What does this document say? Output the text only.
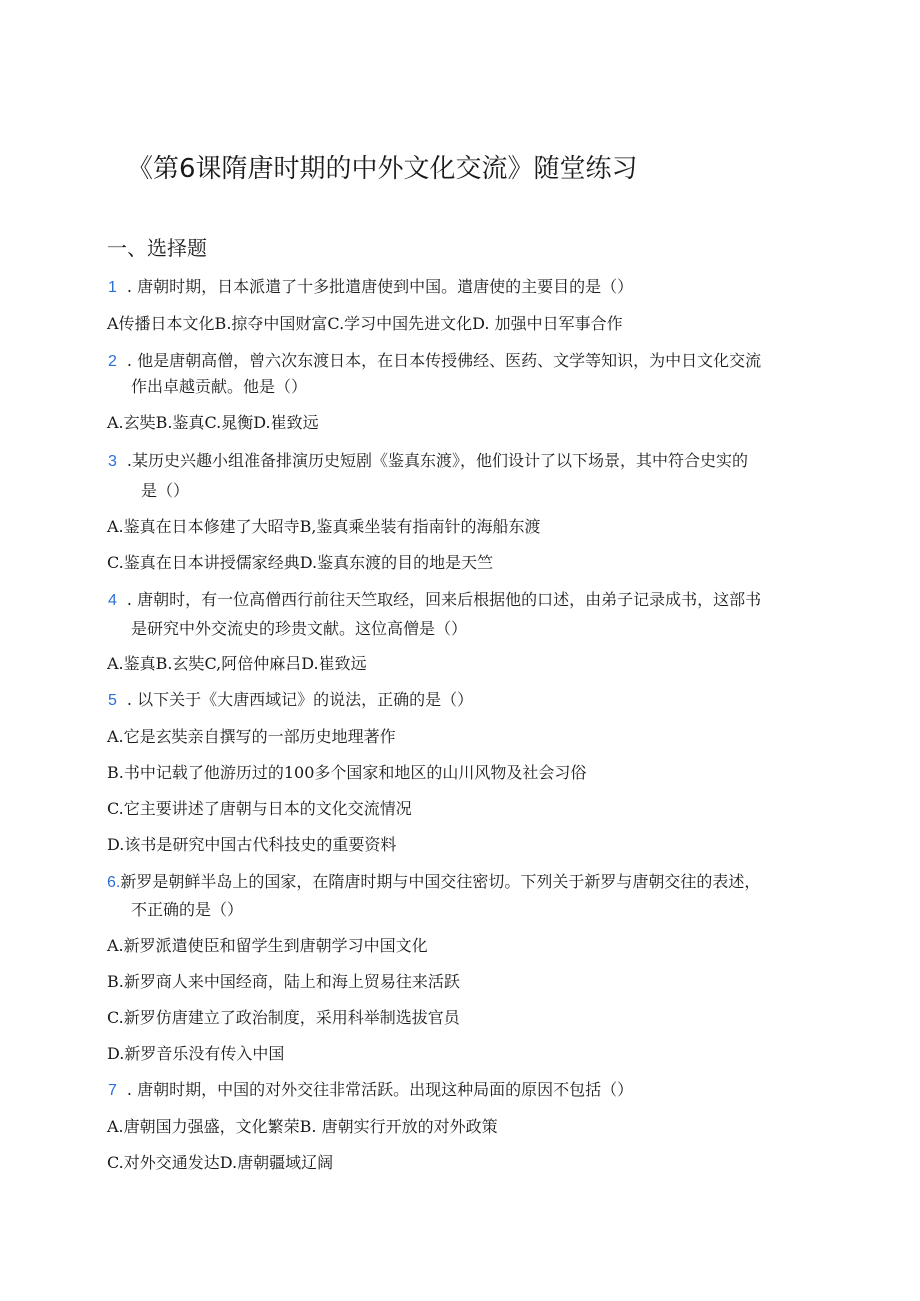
《第6课隋唐时期的中外文化交流》随堂练习
一、选择题
1 . 唐朝时期，日本派遣了十多批遣唐使到中国。遣唐使的主要目的是（）
A传播日本文化B.掠夺中国财富C.学习中国先进文化D. 加强中日军事合作
2 . 他是唐朝高僧，曾六次东渡日本，在日本传授佛经、医药、文学等知识，为中日文化交流
作出卓越贡献。他是（）
A.玄奘B.鉴真C.晁衡D.崔致远
3 .某历史兴趣小组准备排演历史短剧《鉴真东渡》，他们设计了以下场景，其中符合史实的
是（）
A.鉴真在日本修建了大昭寺B,鉴真乘坐装有指南针的海船东渡
C.鉴真在日本讲授儒家经典D.鉴真东渡的目的地是天竺
4 . 唐朝时，有一位高僧西行前往天竺取经，回来后根据他的口述，由弟子记录成书，这部书
是研究中外交流史的珍贵文献。这位高僧是（）
A.鉴真B.玄奘C,阿倍仲麻吕D.崔致远
5 . 以下关于《大唐西域记》的说法，正确的是（）
A.它是玄奘亲自撰写的一部历史地理著作
B.书中记载了他游历过的100多个国家和地区的山川风物及社会习俗
C.它主要讲述了唐朝与日本的文化交流情况
D.该书是研究中国古代科技史的重要资料
6.新罗是朝鲜半岛上的国家，在隋唐时期与中国交往密切。下列关于新罗与唐朝交往的表述，
不正确的是（）
A.新罗派遣使臣和留学生到唐朝学习中国文化
B.新罗商人来中国经商，陆上和海上贸易往来活跃
C.新罗仿唐建立了政治制度，采用科举制选拔官员
D.新罗音乐没有传入中国
7 . 唐朝时期，中国的对外交往非常活跃。出现这种局面的原因不包括（）
A.唐朝国力强盛，文化繁荣B. 唐朝实行开放的对外政策
C.对外交通发达D.唐朝疆域辽阔
